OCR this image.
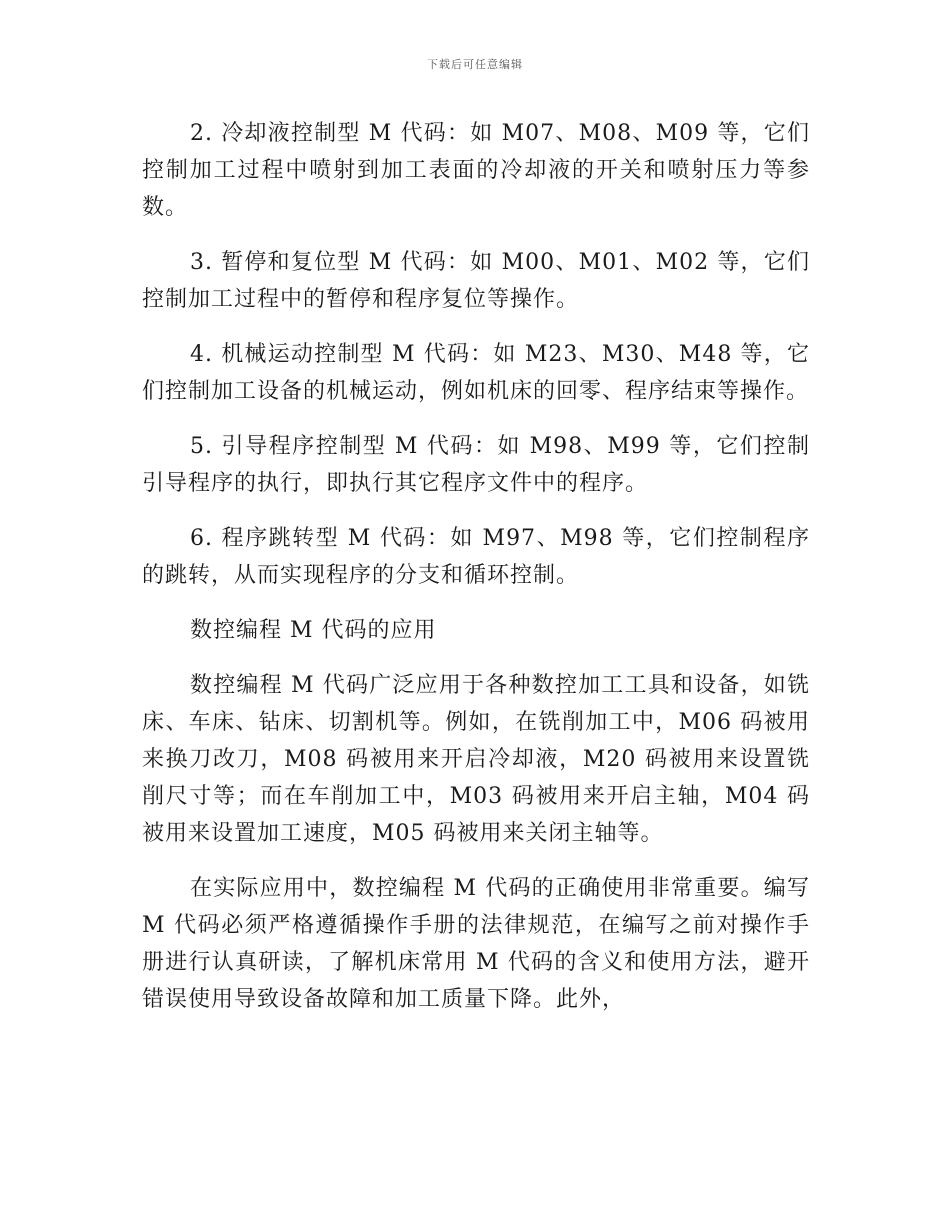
下载后可任意编辑

2. 冷却液控制型 M 代码：如 M07、M08、M09 等，它们控制加工过程中喷射到加工表面的冷却液的开关和喷射压力等参数。

3. 暂停和复位型 M 代码：如 M00、M01、M02 等，它们控制加工过程中的暂停和程序复位等操作。

4. 机械运动控制型 M 代码：如 M23、M30、M48 等，它们控制加工设备的机械运动，例如机床的回零、程序结束等操作。

5. 引导程序控制型 M 代码：如 M98、M99 等，它们控制引导程序的执行，即执行其它程序文件中的程序。

6. 程序跳转型 M 代码：如 M97、M98 等，它们控制程序的跳转，从而实现程序的分支和循环控制。

数控编程 M 代码的应用

数控编程 M 代码广泛应用于各种数控加工工具和设备，如铣床、车床、钻床、切割机等。例如，在铣削加工中，M06 码被用来换刀改刀，M08 码被用来开启冷却液，M20 码被用来设置铣削尺寸等；而在车削加工中，M03 码被用来开启主轴，M04 码被用来设置加工速度，M05 码被用来关闭主轴等。

在实际应用中，数控编程 M 代码的正确使用非常重要。编写 M 代码必须严格遵循操作手册的法律规范，在编写之前对操作手册进行认真研读，了解机床常用 M 代码的含义和使用方法，避开错误使用导致设备故障和加工质量下降。此外，
